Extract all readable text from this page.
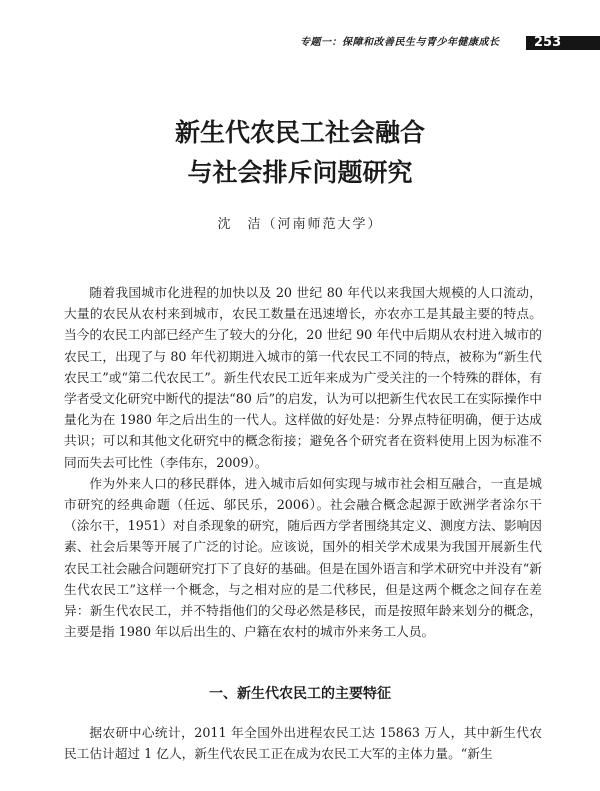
专题一：保障和改善民生与青少年健康成长	253
新生代农民工社会融合
与社会排斥问题研究
沈　洁（河南师范大学）

随着我国城市化进程的加快以及 20 世纪 80 年代以来我国大规模的人口流动，大量的农民从农村来到城市，农民工数量在迅速增长，亦农亦工是其最主要的特点。当今的农民工内部已经产生了较大的分化，20 世纪 90 年代中后期从农村进入城市的农民工，出现了与 80 年代初期进入城市的第一代农民工不同的特点，被称为“新生代农民工”或“第二代农民工”。新生代农民工近年来成为广受关注的一个特殊的群体，有学者受文化研究中断代的提法“80 后”的启发，认为可以把新生代农民工在实际操作中量化为在 1980 年之后出生的一代人。这样做的好处是：分界点特征明确，便于达成共识；可以和其他文化研究中的概念衔接；避免各个研究者在资料使用上因为标准不同而失去可比性（李伟东，2009）。

作为外来人口的移民群体，进入城市后如何实现与城市社会相互融合，一直是城市研究的经典命题（任远、邬民乐，2006）。社会融合概念起源于欧洲学者涂尔干（涂尔干，1951）对自杀现象的研究，随后西方学者围绕其定义、测度方法、影响因素、社会后果等开展了广泛的讨论。应该说，国外的相关学术成果为我国开展新生代农民工社会融合问题研究打下了良好的基础。但是在国外语言和学术研究中并没有“新生代农民工”这样一个概念，与之相对应的是二代移民，但是这两个概念之间存在差异：新生代农民工，并不特指他们的父母必然是移民，而是按照年龄来划分的概念，主要是指 1980 年以后出生的、户籍在农村的城市外来务工人员。

一、新生代农民工的主要特征

据农研中心统计，2011 年全国外出进程农民工达 15863 万人，其中新生代农民工估计超过 1 亿人，新生代农民工正在成为农民工大军的主体力量。“新生
